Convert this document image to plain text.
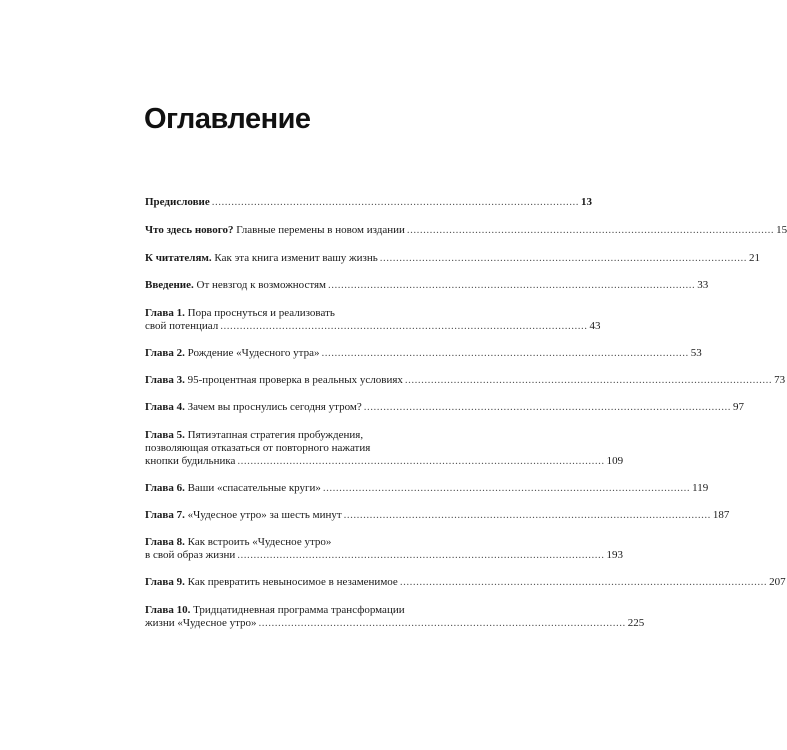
Оглавление
Предисловие ................................................................................................................. 13
Что здесь нового? Главные перемены в новом издании ................................................................................................................. 15
К читателям. Как эта книга изменит вашу жизнь ................................................................................................................. 21
Введение. От невзгод к возможностям ................................................................................................................. 33
Глава 1. Пора проснуться и реализовать
свой потенциал ................................................................................................................. 43
Глава 2. Рождение «Чудесного утра» ................................................................................................................. 53
Глава 3. 95-процентная проверка в реальных условиях ................................................................................................................. 73
Глава 4. Зачем вы проснулись сегодня утром? ................................................................................................................. 97
Глава 5. Пятиэтапная стратегия пробуждения,
позволяющая отказаться от повторного нажатия
кнопки будильника ................................................................................................................. 109
Глава 6. Ваши «спасательные круги» ................................................................................................................. 119
Глава 7. «Чудесное утро» за шесть минут ................................................................................................................. 187
Глава 8. Как встроить «Чудесное утро»
в свой образ жизни ................................................................................................................. 193
Глава 9. Как превратить невыносимое в незаменимое ................................................................................................................. 207
Глава 10. Тридцатидневная программа трансформации
жизни «Чудесное утро» ................................................................................................................. 225
